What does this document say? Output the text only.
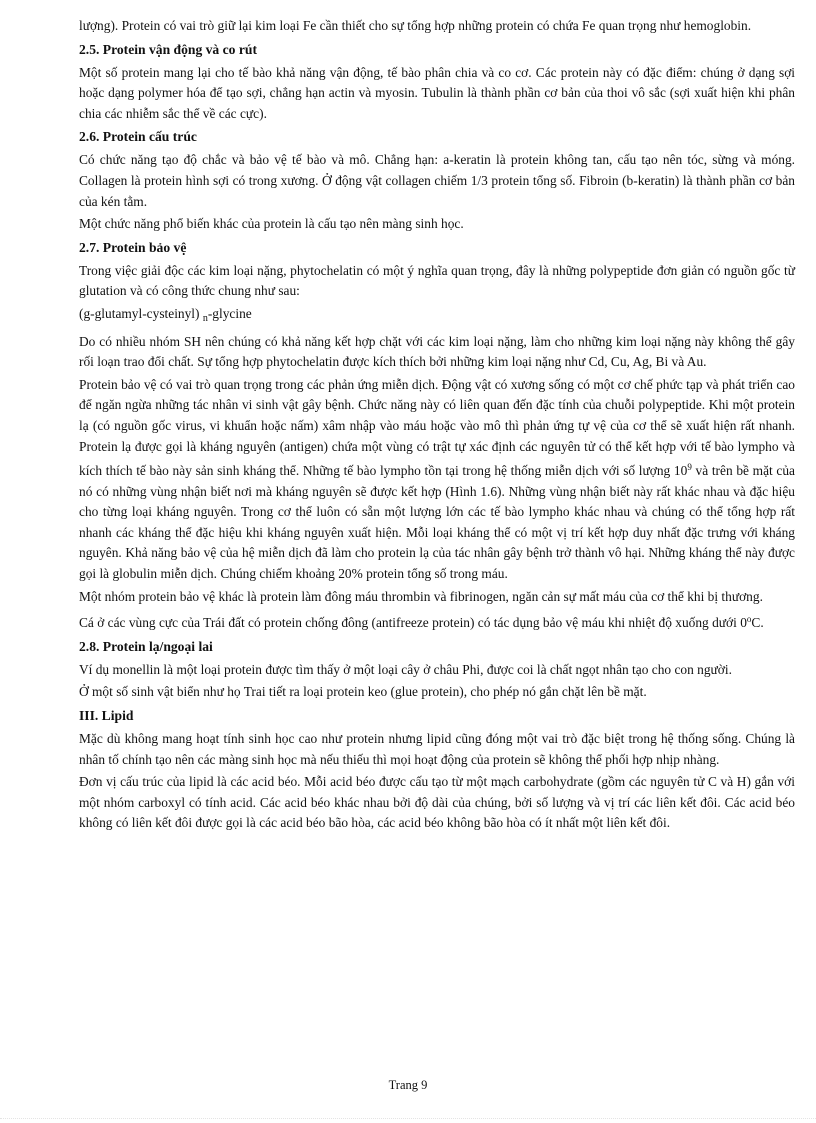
lượng). Protein có vai trò giữ lại kim loại Fe cần thiết cho sự tổng hợp những protein có chứa Fe quan trọng như hemoglobin.

2.5. Protein vận động và co rút

Một số protein mang lại cho tế bào khả năng vận động, tế bào phân chia và co cơ. Các protein này có đặc điểm: chúng ở dạng sợi hoặc dạng polymer hóa để tạo sợi, chẳng hạn actin và myosin. Tubulin là thành phần cơ bản của thoi vô sắc (sợi xuất hiện khi phân chia các nhiễm sắc thể về các cực).

2.6. Protein cấu trúc

Có chức năng tạo độ chắc và bảo vệ tế bào và mô. Chẳng hạn: a-keratin là protein không tan, cấu tạo nên tóc, sừng và móng. Collagen là protein hình sợi có trong xương. Ở động vật collagen chiếm 1/3 protein tổng số. Fibroin (b-keratin) là thành phần cơ bản của kén tằm.

Một chức năng phổ biến khác của protein là cấu tạo nên màng sinh học.

2.7. Protein bảo vệ

Trong việc giải độc các kim loại nặng, phytochelatin có một ý nghĩa quan trọng, đây là những polypeptide đơn giản có nguồn gốc từ glutation và có công thức chung như sau:

(g-glutamyl-cysteinyl) $_n$-glycine

Do có nhiều nhóm SH nên chúng có khả năng kết hợp chặt với các kim loại nặng, làm cho những kim loại nặng này không thể gây rối loạn trao đổi chất. Sự tổng hợp phytochelatin được kích thích bởi những kim loại nặng như Cd, Cu, Ag, Bi và Au.

Protein bảo vệ có vai trò quan trọng trong các phản ứng miễn dịch. Động vật có xương sống có một cơ chế phức tạp và phát triển cao để ngăn ngừa những tác nhân vi sinh vật gây bệnh. Chức năng này có liên quan đến đặc tính của chuỗi polypeptide. Khi một protein lạ (có nguồn gốc virus, vi khuẩn hoặc nấm) xâm nhập vào máu hoặc vào mô thì phản ứng tự vệ của cơ thể sẽ xuất hiện rất nhanh. Protein lạ được gọi là kháng nguyên (antigen) chứa một vùng có trật tự xác định các nguyên tử có thể kết hợp với tế bào lympho và kích thích tế bào này sản sinh kháng thể. Những tế bào lympho tồn tại trong hệ thống miễn dịch với số lượng $10^9$ và trên bề mặt của nó có những vùng nhận biết nơi mà kháng nguyên sẽ được kết hợp (Hình 1.6). Những vùng nhận biết này rất khác nhau và đặc hiệu cho từng loại kháng nguyên. Trong cơ thể luôn có sẵn một lượng lớn các tế bào lympho khác nhau và chúng có thể tổng hợp rất nhanh các kháng thể đặc hiệu khi kháng nguyên xuất hiện. Mỗi loại kháng thể có một vị trí kết hợp duy nhất đặc trưng với kháng nguyên. Khả năng bảo vệ của hệ miễn dịch đã làm cho protein lạ của tác nhân gây bệnh trở thành vô hại. Những kháng thể này được gọi là globulin miễn dịch. Chúng chiếm khoảng 20% protein tổng số trong máu.

Một nhóm protein bảo vệ khác là protein làm đông máu thrombin và fibrinogen, ngăn cản sự mất máu của cơ thể khi bị thương.

Cá ở các vùng cực của Trái đất có protein chống đông (antifreeze protein) có tác dụng bảo vệ máu khi nhiệt độ xuống dưới 0$^o$C.

2.8. Protein lạ/ngoại lai

Ví dụ monellin là một loại protein được tìm thấy ở một loại cây ở châu Phi, được coi là chất ngọt nhân tạo cho con người.

Ở một số sinh vật biển như họ Trai tiết ra loại protein keo (glue protein), cho phép nó gắn chặt lên bề mặt.

III. Lipid

Mặc dù không mang hoạt tính sinh học cao như protein nhưng lipid cũng đóng một vai trò đặc biệt trong hệ thống sống. Chúng là nhân tố chính tạo nên các màng sinh học mà nếu thiếu thì mọi hoạt động của protein sẽ không thể phối hợp nhịp nhàng.

Đơn vị cấu trúc của lipid là các acid béo. Mỗi acid béo được cấu tạo từ một mạch carbohydrate (gồm các nguyên tử C và H) gắn với một nhóm carboxyl có tính acid. Các acid béo khác nhau bởi độ dài của chúng, bởi số lượng và vị trí các liên kết đôi. Các acid béo không có liên kết đôi được gọi là các acid béo bão hòa, các acid béo không bão hòa có ít nhất một liên kết đôi.

Trang 9
